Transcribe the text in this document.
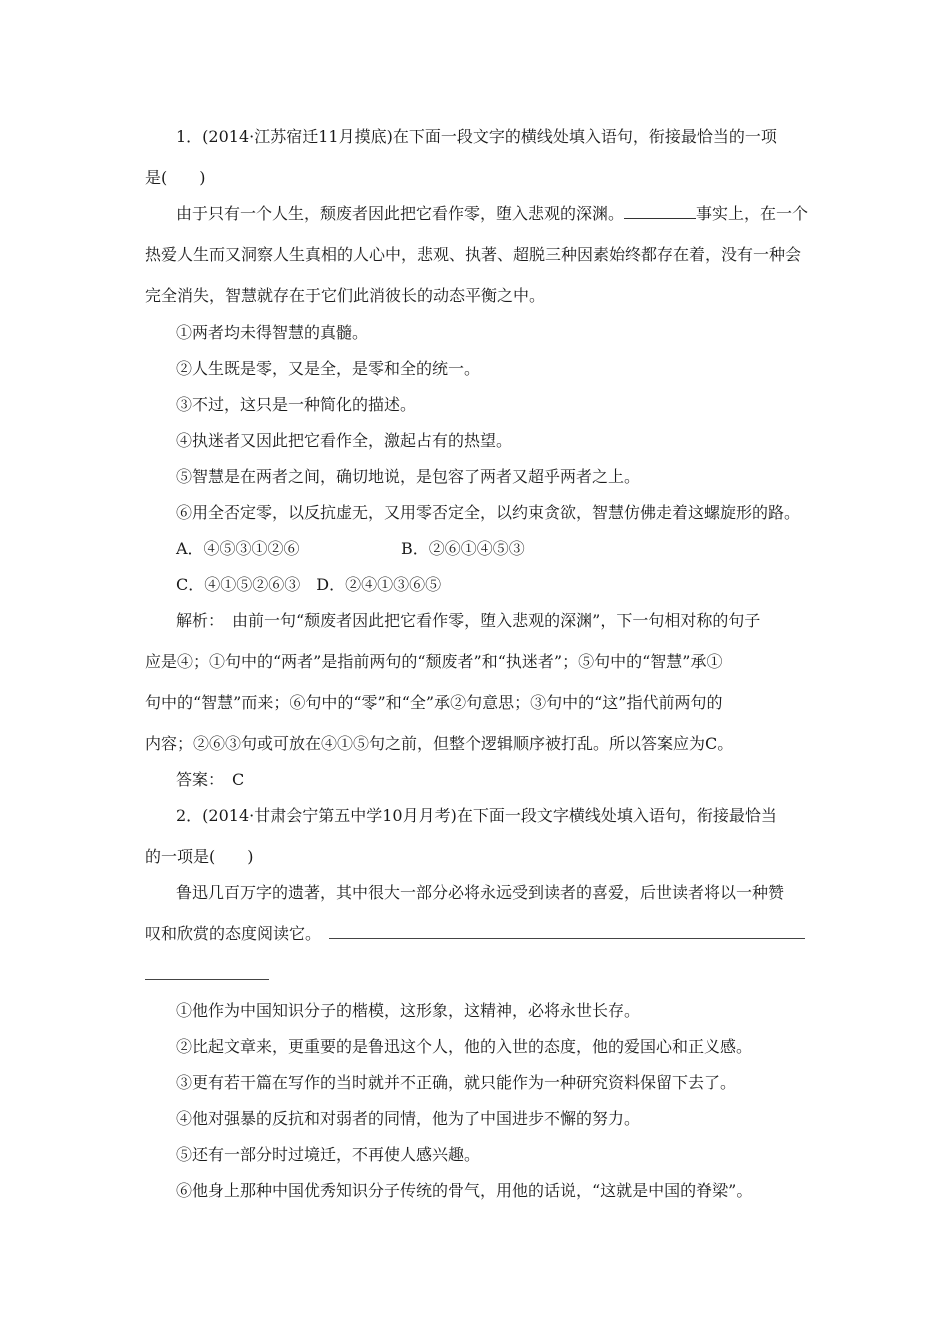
1．(2014·江苏宿迁11月摸底)在下面一段文字的横线处填入语句，衔接最恰当的一项
是(　　)
由于只有一个人生，颓废者因此把它看作零，堕入悲观的深渊。	事实上，在一个
热爱人生而又洞察人生真相的人心中，悲观、执著、超脱三种因素始终都存在着，没有一种会
完全消失，智慧就存在于它们此消彼长的动态平衡之中。
①两者均未得智慧的真髓。
②人生既是零，又是全，是零和全的统一。
③不过，这只是一种简化的描述。
④执迷者又因此把它看作全，激起占有的热望。
⑤智慧是在两者之间，确切地说，是包容了两者又超乎两者之上。
⑥用全否定零，以反抗虚无，又用零否定全，以约束贪欲，智慧仿佛走着这螺旋形的路。
A．④⑤③①②⑥	B．②⑥①④⑤③
C．④①⑤②⑥③　D．②④①③⑥⑤
解析：　由前一句“颓废者因此把它看作零，堕入悲观的深渊”，下一句相对称的句子
应是④；①句中的“两者”是指前两句的“颓废者”和“执迷者”；⑤句中的“智慧”承①
句中的“智慧”而来；⑥句中的“零”和“全”承②句意思；③句中的“这”指代前两句的
内容；②⑥③句或可放在④①⑤句之前，但整个逻辑顺序被打乱。所以答案应为C。
答案：　C
2．(2014·甘肃会宁第五中学10月月考)在下面一段文字横线处填入语句，衔接最恰当
的一项是(　　)
鲁迅几百万字的遗著，其中很大一部分必将永远受到读者的喜爱，后世读者将以一种赞
叹和欣赏的态度阅读它。
①他作为中国知识分子的楷模，这形象，这精神，必将永世长存。
②比起文章来，更重要的是鲁迅这个人，他的入世的态度，他的爱国心和正义感。
③更有若干篇在写作的当时就并不正确，就只能作为一种研究资料保留下去了。
④他对强暴的反抗和对弱者的同情，他为了中国进步不懈的努力。
⑤还有一部分时过境迁，不再使人感兴趣。
⑥他身上那种中国优秀知识分子传统的骨气，用他的话说，“这就是中国的脊梁”。
